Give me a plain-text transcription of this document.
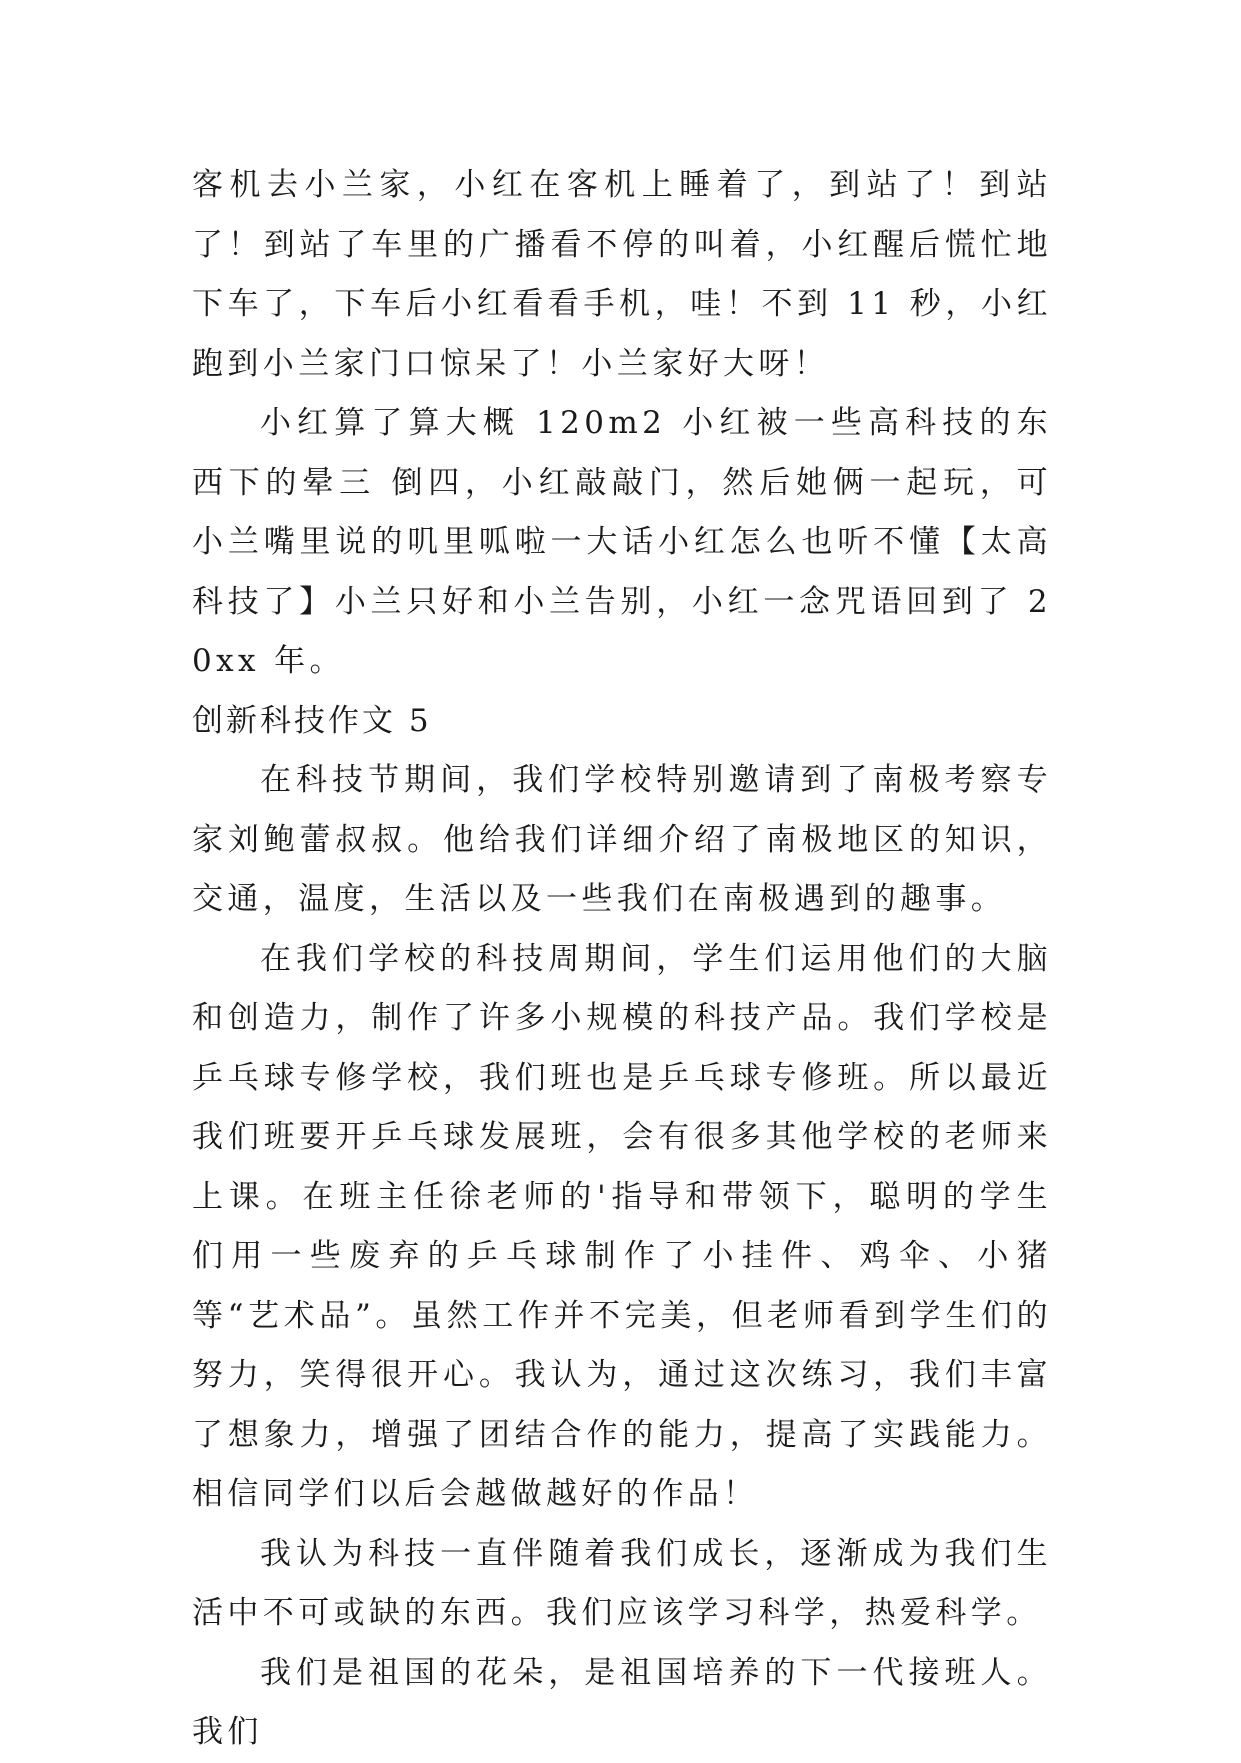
客机去小兰家，小红在客机上睡着了，到站了！到站了！到站了车里的广播看不停的叫着，小红醒后慌忙地下车了，下车后小红看看手机，哇！不到 11 秒，小红跑到小兰家门口惊呆了！小兰家好大呀！

小红算了算大概 120m2 小红被一些高科技的东西下的晕三 倒四，小红敲敲门，然后她俩一起玩，可小兰嘴里说的叽里呱啦一大话小红怎么也听不懂【太高科技了】小兰只好和小兰告别，小红一念咒语回到了 20xx 年。

创新科技作文 5

在科技节期间，我们学校特别邀请到了南极考察专家刘鲍蕾叔叔。他给我们详细介绍了南极地区的知识，交通，温度，生活以及一些我们在南极遇到的趣事。

在我们学校的科技周期间，学生们运用他们的大脑和创造力，制作了许多小规模的科技产品。我们学校是乒乓球专修学校，我们班也是乒乓球专修班。所以最近我们班要开乒乓球发展班，会有很多其他学校的老师来上课。在班主任徐老师的'指导和带领下，聪明的学生们用一些废弃的乒乓球制作了小挂件、鸡伞、小猪等“艺术品”。虽然工作并不完美，但老师看到学生们的努力，笑得很开心。我认为，通过这次练习，我们丰富了想象力，增强了团结合作的能力，提高了实践能力。相信同学们以后会越做越好的作品！

我认为科技一直伴随着我们成长，逐渐成为我们生活中不可或缺的东西。我们应该学习科学，热爱科学。

我们是祖国的花朵，是祖国培养的下一代接班人。我们
